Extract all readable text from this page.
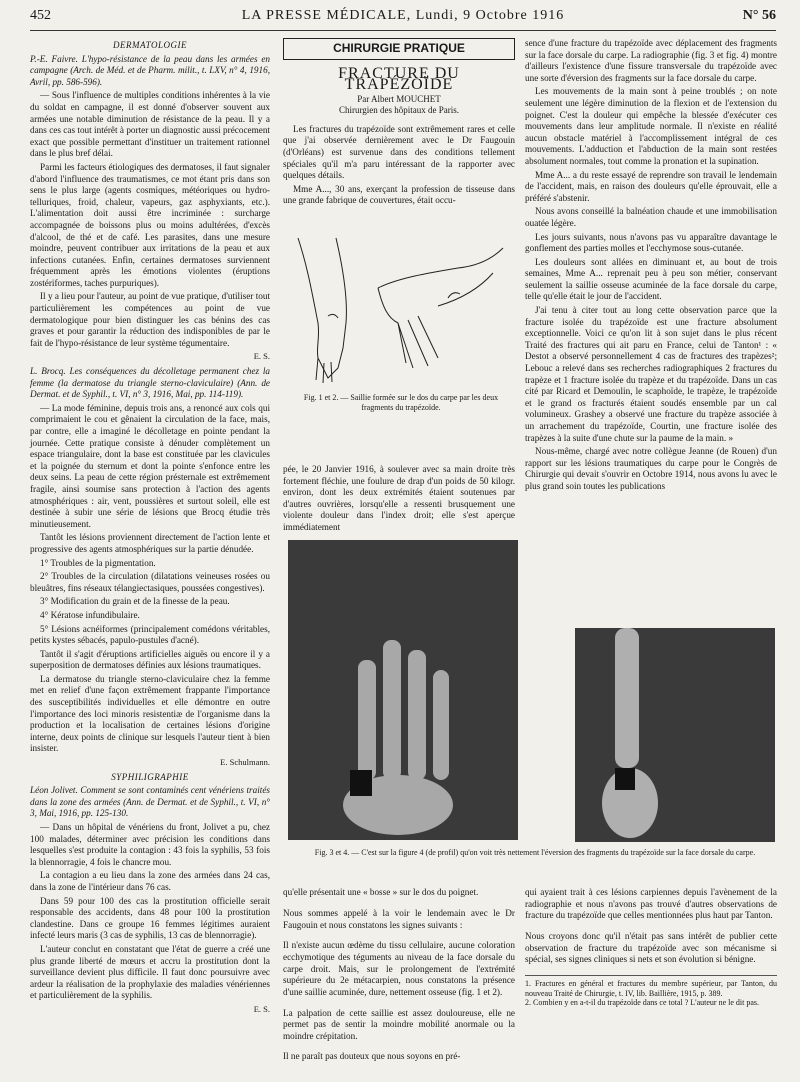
452	LA PRESSE MÉDICALE, Lundi, 9 Octobre 1916	N° 56
DERMATOLOGIE

P.-E. Faivre. L'hypo-résistance de la peau dans les armées en campagne (Arch. de Méd. et de Pharm. milit., t. LXV, n° 4, 1916, Avril, pp. 586-596).

— Sous l'influence de multiples conditions inhérentes à la vie du soldat en campagne, il est donné d'observer souvent aux armées une notable diminution de résistance de la peau. Il y a dans ces cas tout intérêt à porter un diagnostic aussi précocement exact que possible permettant d'instituer un traitement rationnel dans le plus bref délai.

Parmi les facteurs étiologiques des dermatoses, il faut signaler d'abord l'influence des traumatismes, ce mot étant pris dans son sens le plus large (agents cosmiques, météoriques ou hydro-telluriques, froid, chaleur, vapeurs, gaz asphyxiants, etc.). L'alimentation doit aussi être incriminée : surcharge accompagnée de boissons plus ou moins adultérées, d'excès d'alcool, de thé et de café. Les parasites, dans une mesure moindre, peuvent contribuer aux irritations de la peau et aux infections cutanées. Enfin, certaines dermatoses surviennent fréquemment après les émotions violentes (éruptions zostériformes, taches purpuriques).

Il y a lieu pour l'auteur, au point de vue pratique, d'utiliser tout particulièrement les compétences au point de vue dermatologique pour bien distinguer les cas bénins des cas graves et pour garantir la réduction des indisponibles de par le fait de l'hypo-résistance de leur système tégumentaire.

E. S.

L. Brocq. Les conséquences du décolletage permanent chez la femme (la dermatose du triangle sterno-claviculaire) (Ann. de Dermat. et de Syphil., t. VI, n° 3, 1916, Mai, pp. 114-119).

— La mode féminine, depuis trois ans, a renoncé aux cols qui comprimaient le cou et gênaient la circulation de la face, mais, par contre, elle a imaginé le décolletage en pointe pendant la journée. Cette pratique consiste à dénuder complètement un espace triangulaire, dont la base est constituée par les clavicules et la poignée du sternum et dont la pointe s'enfonce entre les deux seins. La peau de cette région présternale est extrêmement fragile, ainsi soumise sans protection à l'action des agents atmosphériques : air, vent, poussières et surtout soleil, elle est destinée à subir une série de lésions que Brocq étudie très minutieusement.

Tantôt les lésions proviennent directement de l'action lente et progressive des agents atmosphériques sur la partie dénudée.

1° Troubles de la pigmentation.

2° Troubles de la circulation (dilatations veineuses rosées ou bleuâtres, fins réseaux télangiectasiques, poussées congestives).

3° Modification du grain et de la finesse de la peau.

4° Kératose infundibulaire.

5° Lésions acnéiformes (principalement comédons véritables, petits kystes sébacés, papulo-pustules d'acné).

Tantôt il s'agit d'éruptions artificielles aiguës ou encore il y a superposition de dermatoses définies aux lésions traumatiques.

La dermatose du triangle sterno-claviculaire chez la femme met en relief d'une façon extrêmement frappante l'importance des susceptibilités individuelles et elle démontre en outre l'importance des loci minoris resistentiæ de l'organisme dans la production et la localisation de certaines lésions d'origine interne, deux points de clinique sur lesquels l'auteur tient à bien insister.

E. Schulmann.
SYPHILIGRAPHIE

Léon Jolivet. Comment se sont contaminés cent vénériens traités dans la zone des armées (Ann. de Dermat. et de Syphil., t. VI, n° 3, Mai, 1916, pp. 125-130.

— Dans un hôpital de vénériens du front, Jolivet a pu, chez 100 malades, déterminer avec précision les conditions dans lesquelles s'est produite la contagion : 43 fois la syphilis, 53 fois la blennorragie, 4 fois le chancre mou.

La contagion a eu lieu dans la zone des armées dans 24 cas, dans la zone de l'intérieur dans 76 cas.

Dans 59 pour 100 des cas la prostitution officielle serait responsable des accidents, dans 48 pour 100 la prostitution clandestine. Dans ce groupe 16 femmes légitimes auraient infecté leurs maris (3 cas de syphilis, 13 cas de blennorragie).

L'auteur conclut en constatant que l'état de guerre a créé une plus grande liberté de mœurs et accru la prostitution dont la surveillance devient plus difficile. Il faut donc poursuivre avec ardeur la réalisation de la prophylaxie des maladies vénériennes et particulièrement de la syphilis.

E. S.
CHIRURGIE PRATIQUE
FRACTURE DU TRAPÉZOÏDE
Par Albert MOUCHET
Chirurgien des hôpitaux de Paris.

Les fractures du trapézoïde sont extrêmement rares et celle que j'ai observée dernièrement avec le Dr Faugouin (d'Orléans) est survenue dans des conditions tellement spéciales qu'il m'a paru intéressant de la rapporter avec quelques détails.

Mme A..., 30 ans, exerçant la profession de tisseuse dans une grande fabrique de couvertures, était occu-

Fig. 1 et 2. — Saillie formée sur le dos du carpe par les deux fragments du trapézoïde.

pée, le 20 Janvier 1916, à soulever avec sa main droite très fortement fléchie, une foulure de drap d'un poids de 50 kilogr. environ, dont les deux extrémités étaient soutenues par d'autres ouvrières, lorsqu'elle a ressenti brusquement une violente douleur dans l'index droit; elle s'est aperçue immédiatement

sence d'une fracture du trapézoïde avec déplacement des fragments sur la face dorsale du carpe. La radiographie (fig. 3 et fig. 4) montre d'ailleurs l'existence d'une fissure transversale du trapézoïde avec une sorte d'éversion des fragments sur la face dorsale du carpe.

Les mouvements de la main sont à peine troublés ; on note seulement une légère diminution de la flexion et de l'extension du poignet. C'est la douleur qui empêche la blessée d'exécuter ces mouvements dans leur amplitude normale. Il n'existe en réalité aucun obstacle matériel à l'accomplissement intégral de ces mouvements. L'adduction et l'abduction de la main sont restées absolument normales, tout comme la pronation et la supination.

Mme A... a du reste essayé de reprendre son travail le lendemain de l'accident, mais, en raison des douleurs qu'elle éprouvait, elle a préféré s'abstenir.

Nous avons conseillé la balnéation chaude et une immobilisation ouatée légère.

Les jours suivants, nous n'avons pas vu apparaître davantage le gonflement des parties molles et l'ecchymose sous-cutanée.

Les douleurs sont allées en diminuant et, au bout de trois semaines, Mme A... reprenait peu à peu son métier, conservant seulement la saillie osseuse acuminée de la face dorsale du carpe, telle qu'elle était le jour de l'accident.

J'ai tenu à citer tout au long cette observation parce que la fracture isolée du trapézoïde est une fracture absolument exceptionnelle. Voici ce qu'on lit à son sujet dans le plus récent Traité des fractures qui ait paru en France, celui de Tanton¹ : « Destot a observé personnellement 4 cas de fractures des trapèzes²; Lebouc a relevé dans ses recherches radiographiques 2 fractures du trapèze et 1 fracture isolée du trapèze et du trapézoïde. Dans un cas cité par Ricard et Demoulin, le scaphoïde, le trapèze, le trapézoïde et le grand os fracturés étaient soudés ensemble par un cal volumineux. Grashey a observé une fracture du trapèze associée à un arrachement du trapézoïde, Courtin, une fracture isolée des trapèzes à la suite d'une chute sur la paume de la main. »

Nous-même, chargé avec notre collègue Jeanne (de Rouen) d'un rapport sur les lésions traumatiques du carpe pour le Congrès de Chirurgie qui devait s'ouvrir en Octobre 1914, nous avons lu avec le plus grand soin toutes les publications

Fig. 3 et 4. — C'est sur la figure 4 (de profil) qu'on voit très nettement l'éversion des fragments du trapézoïde sur la face dorsale du carpe.

qu'elle présentait une « bosse » sur le dos du poignet.

Nous sommes appelé à la voir le lendemain avec le Dr Faugouin et nous constatons les signes suivants :

Il n'existe aucun œdème du tissu cellulaire, aucune coloration ecchymotique des téguments au niveau de la face dorsale du carpe droit. Mais, sur le prolongement de l'extrémité supérieure du 2e métacarpien, nous constatons la présence d'une saillie acuminée, dure, nettement osseuse (fig. 1 et 2).

La palpation de cette saillie est assez douloureuse, elle ne permet pas de sentir la moindre mobilité anormale ou la moindre crépitation.

Il ne paraît pas douteux que nous soyons en pré-

qui ayaient trait à ces lésions carpiennes depuis l'avènement de la radiographie et nous n'avons pas trouvé d'autres observations de fracture du trapézoïde que celles mentionnées plus haut par Tanton.

Nous croyons donc qu'il n'était pas sans intérêt de publier cette observation de fracture du trapézoïde avec son mécanisme si spécial, ses signes cliniques si nets et son évolution si bénigne.

1. Fractures en général et fractures du membre supérieur, par Tanton, du nouveau Traité de Chirurgie, t. IV, lib. Baillière, 1915, p. 389.

2. Combien y en a-t-il du trapézoïde dans ce total ? L'auteur ne le dit pas.
